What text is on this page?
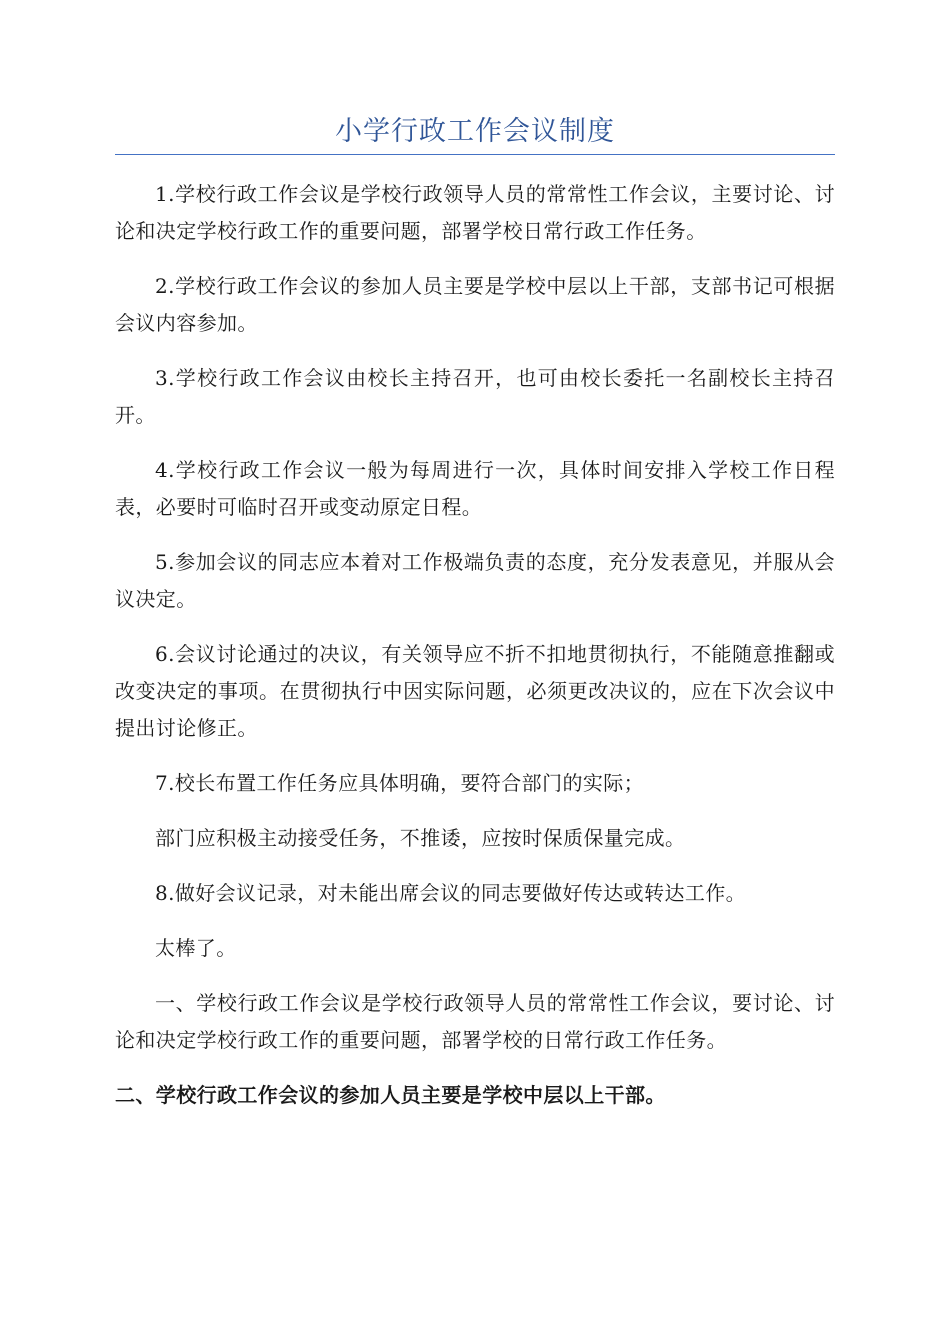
小学行政工作会议制度

1.学校行政工作会议是学校行政领导人员的常常性工作会议，主要讨论、讨论和决定学校行政工作的重要问题，部署学校日常行政工作任务。

2.学校行政工作会议的参加人员主要是学校中层以上干部，支部书记可根据会议内容参加。

3.学校行政工作会议由校长主持召开，也可由校长委托一名副校长主持召开。

4.学校行政工作会议一般为每周进行一次，具体时间安排入学校工作日程表，必要时可临时召开或变动原定日程。

5.参加会议的同志应本着对工作极端负责的态度，充分发表意见，并服从会议决定。

6.会议讨论通过的决议，有关领导应不折不扣地贯彻执行，不能随意推翻或改变决定的事项。在贯彻执行中因实际问题，必须更改决议的，应在下次会议中提出讨论修正。

7.校长布置工作任务应具体明确，要符合部门的实际；

部门应积极主动接受任务，不推诿，应按时保质保量完成。

8.做好会议记录，对未能出席会议的同志要做好传达或转达工作。

太棒了。

一、学校行政工作会议是学校行政领导人员的常常性工作会议，要讨论、讨论和决定学校行政工作的重要问题，部署学校的日常行政工作任务。

二、学校行政工作会议的参加人员主要是学校中层以上干部。
